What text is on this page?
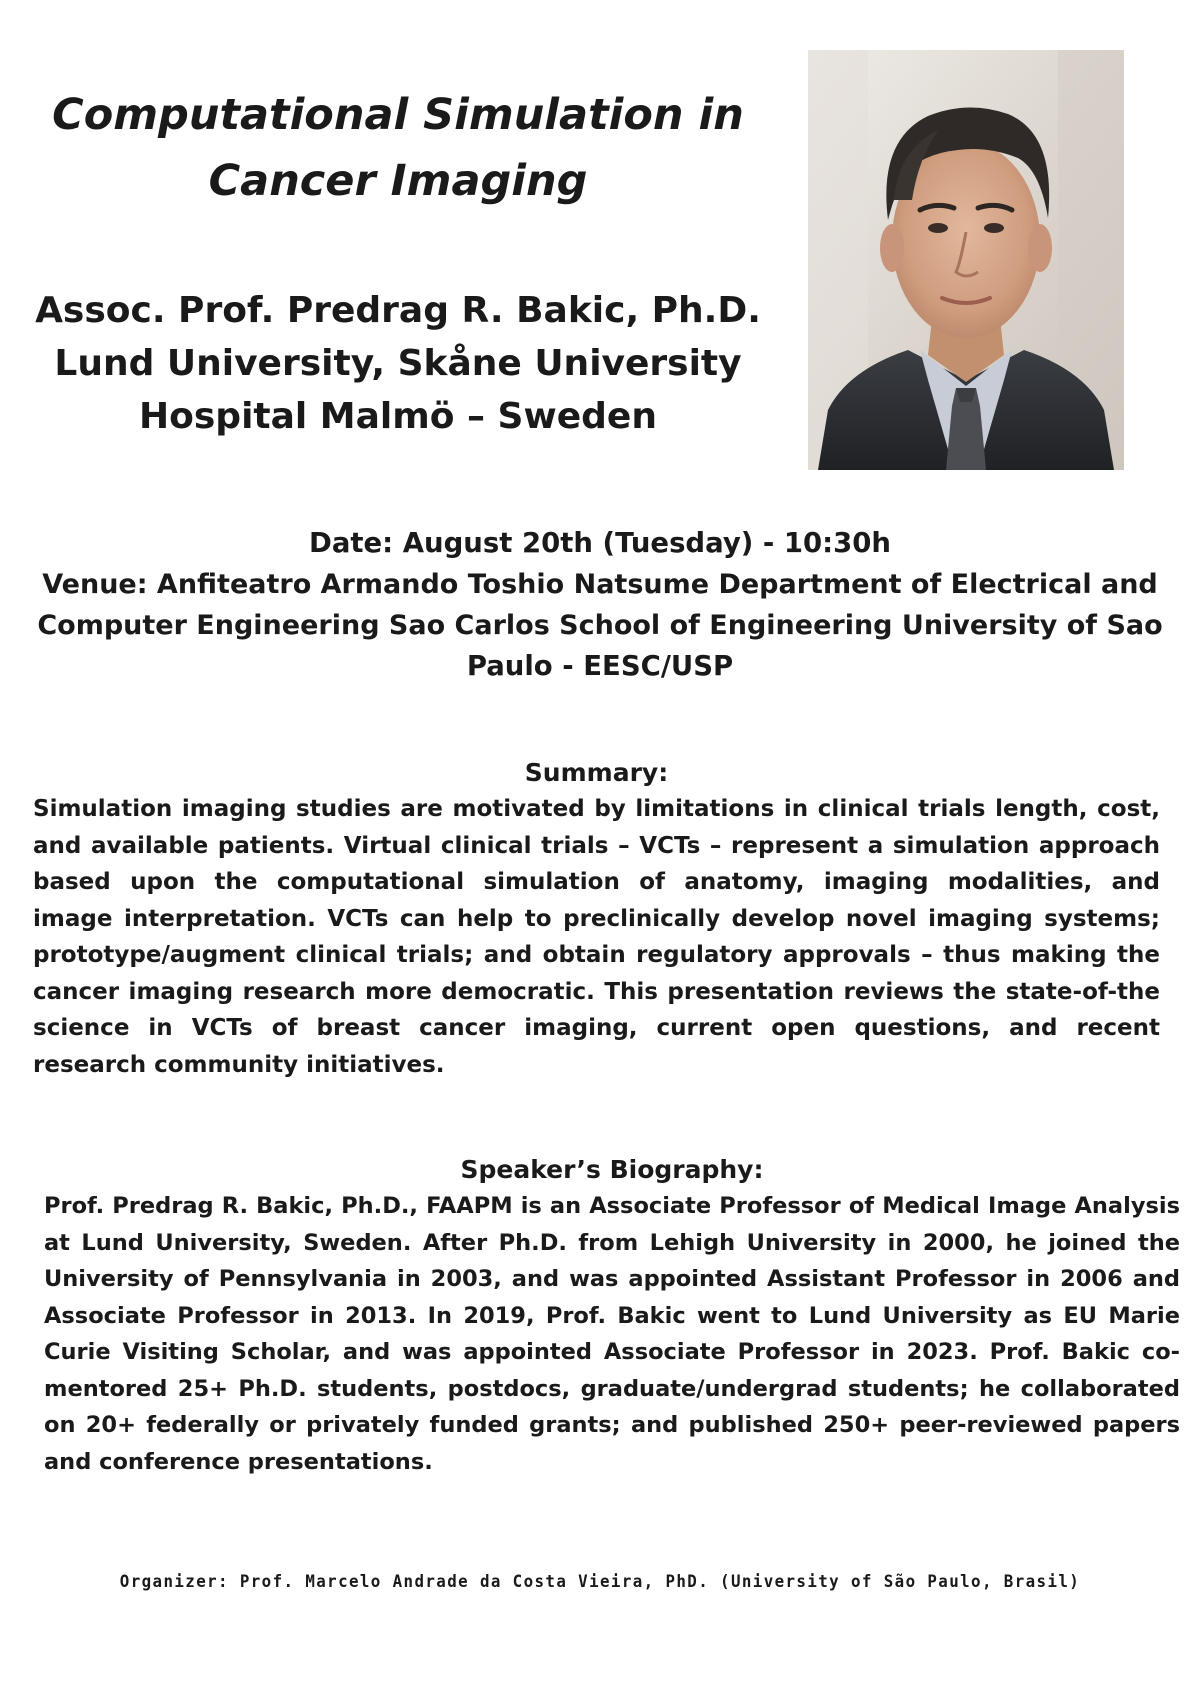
Computational Simulation in
Cancer Imaging
Assoc. Prof. Predrag R. Bakic, Ph.D.
Lund University, Skåne University
Hospital Malmö – Sweden
Date: August 20th (Tuesday) - 10:30h
Venue: Anfiteatro Armando Toshio Natsume Department of Electrical and
Computer Engineering Sao Carlos School of Engineering University of Sao
Paulo - EESC/USP
Summary:
Simulation imaging studies are motivated by limitations in clinical trials length, cost,
and available patients. Virtual clinical trials – VCTs – represent a simulation approach
based upon the computational simulation of anatomy, imaging modalities, and
image interpretation. VCTs can help to preclinically develop novel imaging systems;
prototype/augment clinical trials; and obtain regulatory approvals – thus making the
cancer imaging research more democratic. This presentation reviews the state-of-the
science in VCTs of breast cancer imaging, current open questions, and recent
research community initiatives.
Speaker’s Biography:
Prof. Predrag R. Bakic, Ph.D., FAAPM is an Associate Professor of Medical Image Analysis
at Lund University, Sweden. After Ph.D. from Lehigh University in 2000, he joined the
University of Pennsylvania in 2003, and was appointed Assistant Professor in 2006 and
Associate Professor in 2013. In 2019, Prof. Bakic went to Lund University as EU Marie
Curie Visiting Scholar, and was appointed Associate Professor in 2023. Prof. Bakic co-
mentored 25+ Ph.D. students, postdocs, graduate/undergrad students; he collaborated
on 20+ federally or privately funded grants; and published 250+ peer-reviewed papers
and conference presentations.
Organizer: Prof. Marcelo Andrade da Costa Vieira, PhD. (University of São Paulo, Brasil)
